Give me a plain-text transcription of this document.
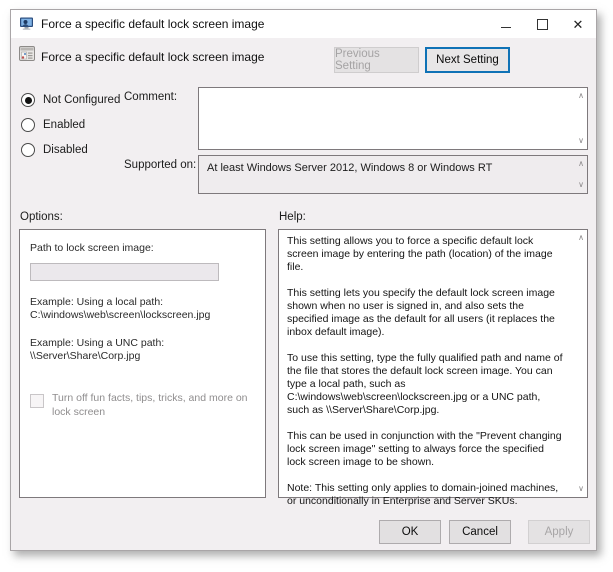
Force a specific default lock screen image	✕
Force a specific default lock screen image	Previous Setting	Next Setting
Not Configured
Enabled
Disabled
Comment:	∧
∨
Supported on:	∧
∨
At least Windows Server 2012, Windows 8 or Windows RT
Options:	Help:
Path to lock screen image:
Example: Using a local path:
C:\windows\web\screen\lockscreen.jpg
Example: Using a UNC path:
\\Server\Share\Corp.jpg
Turn off fun facts, tips, tricks, and more on lock screen
∧
∨

This setting allows you to force a specific default lock screen image by entering the path (location) of the image file.

This setting lets you specify the default lock screen image shown when no user is signed in, and also sets the specified image as the default for all users (it replaces the inbox default image).

To use this setting, type the fully qualified path and name of the file that stores the default lock screen image. You can type a local path, such as C:\windows\web\screen\lockscreen.jpg or a UNC path, such as \\Server\Share\Corp.jpg.

This can be used in conjunction with the "Prevent changing lock screen image" setting to always force the specified lock screen image to be shown.

Note: This setting only applies to domain-joined machines, or unconditionally in Enterprise and Server SKUs.

OK	Cancel	Apply
